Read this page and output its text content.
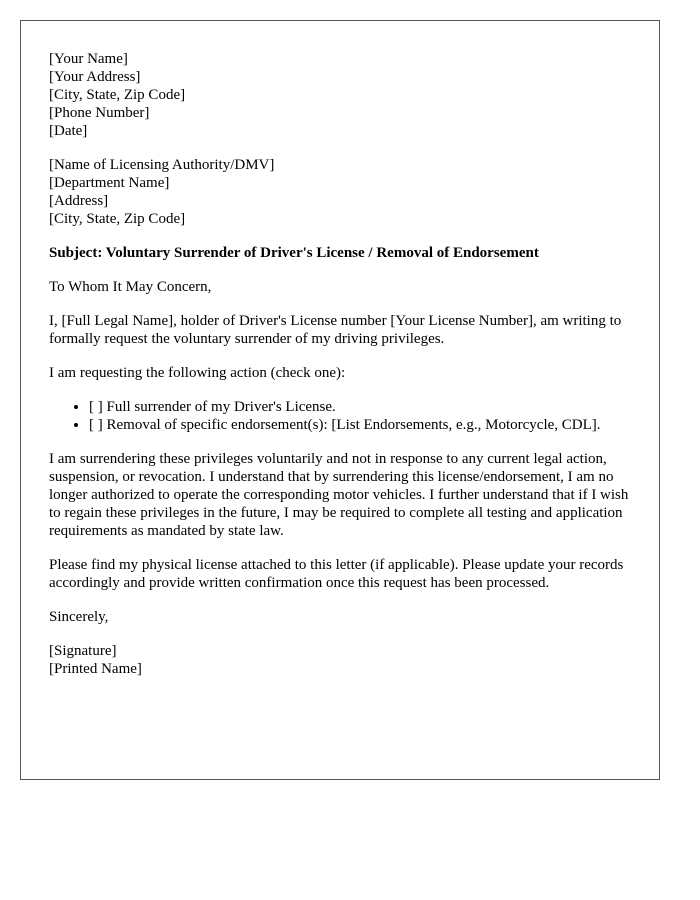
[Your Name]
[Your Address]
[City, State, Zip Code]
[Phone Number]
[Date]
[Name of Licensing Authority/DMV]
[Department Name]
[Address]
[City, State, Zip Code]

Subject: Voluntary Surrender of Driver's License / Removal of Endorsement

To Whom It May Concern,

I, [Full Legal Name], holder of Driver's License number [Your License Number], am writing to formally request the voluntary surrender of my driving privileges.

I am requesting the following action (check one):

• [ ] Full surrender of my Driver's License.
• [ ] Removal of specific endorsement(s): [List Endorsements, e.g., Motorcycle, CDL].

I am surrendering these privileges voluntarily and not in response to any current legal action, suspension, or revocation. I understand that by surrendering this license/endorsement, I am no longer authorized to operate the corresponding motor vehicles. I further understand that if I wish to regain these privileges in the future, I may be required to complete all testing and application requirements as mandated by state law.

Please find my physical license attached to this letter (if applicable). Please update your records accordingly and provide written confirmation once this request has been processed.

Sincerely,

[Signature]
[Printed Name]
